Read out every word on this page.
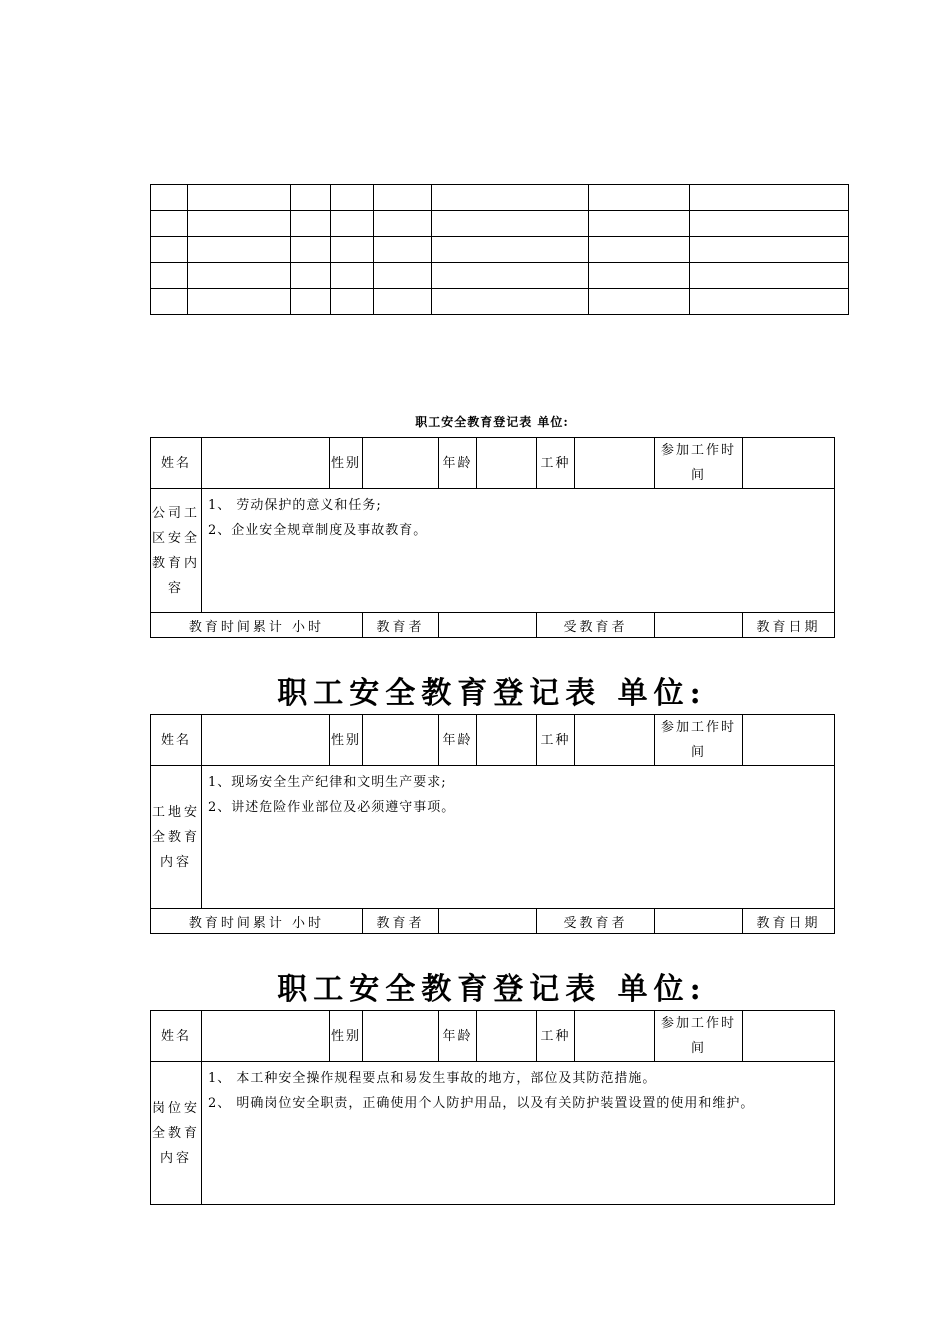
职工安全教育登记表 单位:
姓名		性别		年龄		工种		参加工作时间	
公司工区安全教育内容	1、 劳动保护的意义和任务;
2、企业安全规章制度及事故教育。								

教育时间累计 小时			教育者			受教育者			教育日期
职工安全教育登记表 单位:
姓名		性别		年龄		工种		参加工作时间	
工地安全教育内容	1、现场安全生产纪律和文明生产要求;
2、讲述危险作业部位及必须遵守事项。								

教育时间累计 小时			教育者			受教育者			教育日期
职工安全教育登记表 单位:
姓名		性别		年龄		工种		参加工作时间	
岗位安全教育内容	1、 本工种安全操作规程要点和易发生事故的地方，部位及其防范措施。
2、 明确岗位安全职责，正确使用个人防护用品，以及有关防护装置设置的使用和维护。								
